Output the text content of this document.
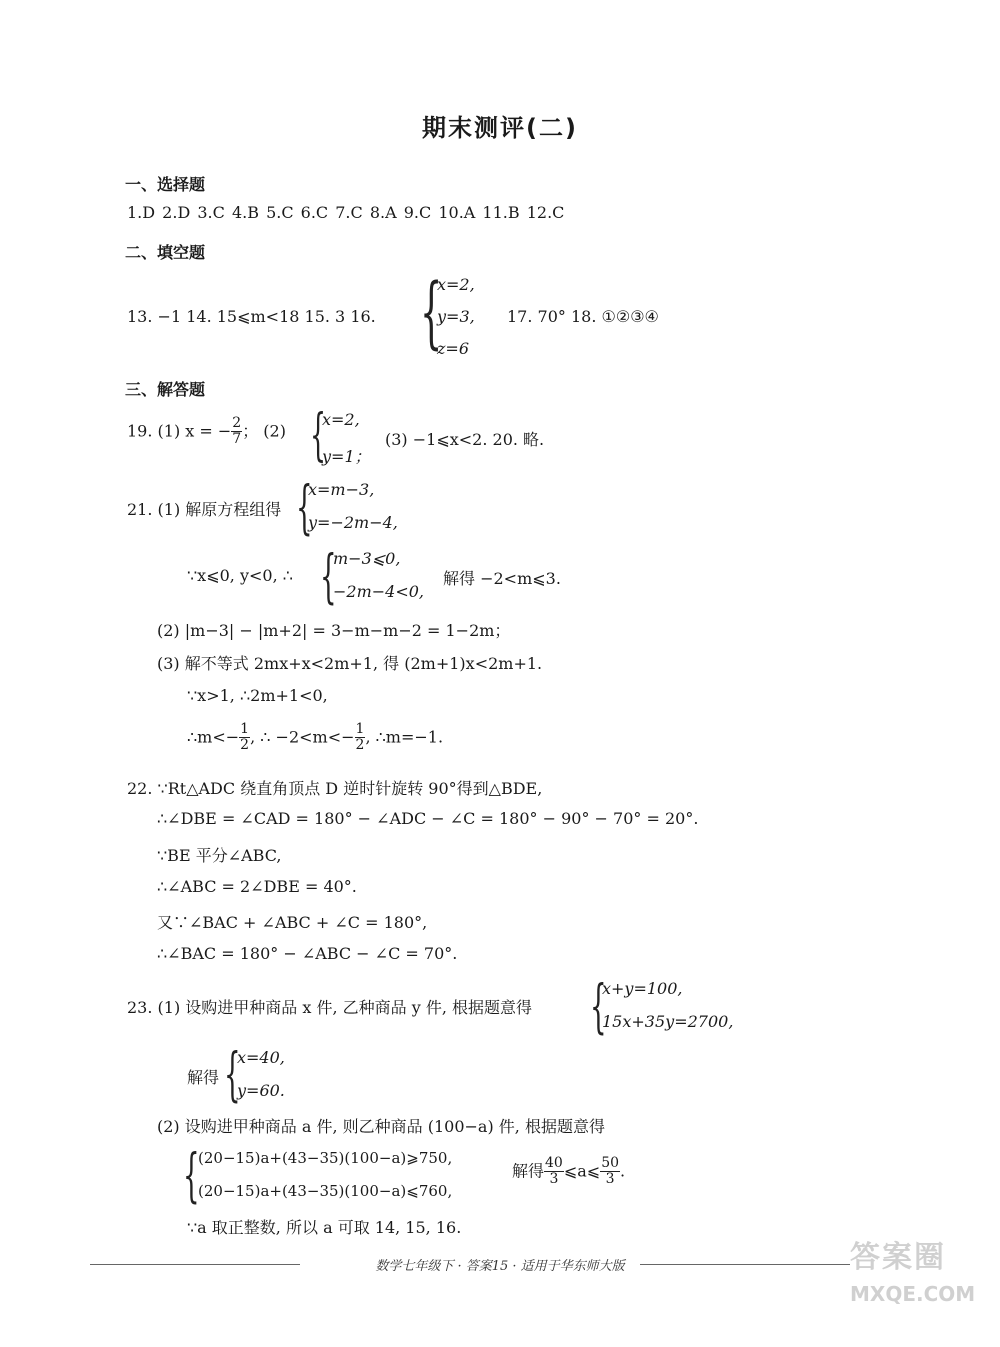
期末测评(二)
一、选择题
1.D 2.D 3.C 4.B 5.C 6.C 7.C 8.A 9.C 10.A 11.B 12.C
二、填空题
13. −1 14. 15⩽m<18 15. 3 16. {
x=2,
y=3,
z=6
17. 70° 18. ①②③④
三、解答题
19. (1) x = − $\frac{2}{7}$ ； (2) {
x=2,
y=1；
(3) −1⩽x<2. 20. 略.
21. (1) 解原方程组得 {
x=m−3,
y=−2m−4,
∵x⩽0, y<0, ∴ {
m−3⩽0,
−2m−4<0,
解得 −2<m⩽3.
(2) |m−3| − |m+2| = 3−m−m−2 = 1−2m；
(3) 解不等式 2mx+x<2m+1, 得 (2m+1)x<2m+1.
∵x>1, ∴2m+1<0,
∴m<− $\frac{1}{2}$ , ∴ $-2<m<- \frac{1}{2}$ , ∴m=−1.
22. ∵Rt△ADC 绕直角顶点 D 逆时针旋转 90°得到△BDE,
∴∠DBE = ∠CAD = 180° − ∠ADC − ∠C = 180° − 90° − 70° = 20°.
∵BE 平分∠ABC,
∴∠ABC = 2∠DBE = 40°.
又∵∠BAC + ∠ABC + ∠C = 180°,
∴∠BAC = 180° − ∠ABC − ∠C = 70°.
23. (1) 设购进甲种商品 x 件, 乙种商品 y 件, 根据题意得 {
x+y=100,
15x+35y=2700,
解得 {
x=40,
y=60.
(2) 设购进甲种商品 a 件, 则乙种商品 (100−a) 件, 根据题意得
{
(20−15)a+(43−35)(100−a)⩾750,
(20−15)a+(43−35)(100−a)⩽760,
解得 $\frac{40}{3}$ ⩽a⩽ $\frac{50}{3}$ .
∵a 取正整数, 所以 a 可取 14, 15, 16.
数学七年级下 · 答案15 · 适用于华东师大版	答案圈
MXQE.COM
